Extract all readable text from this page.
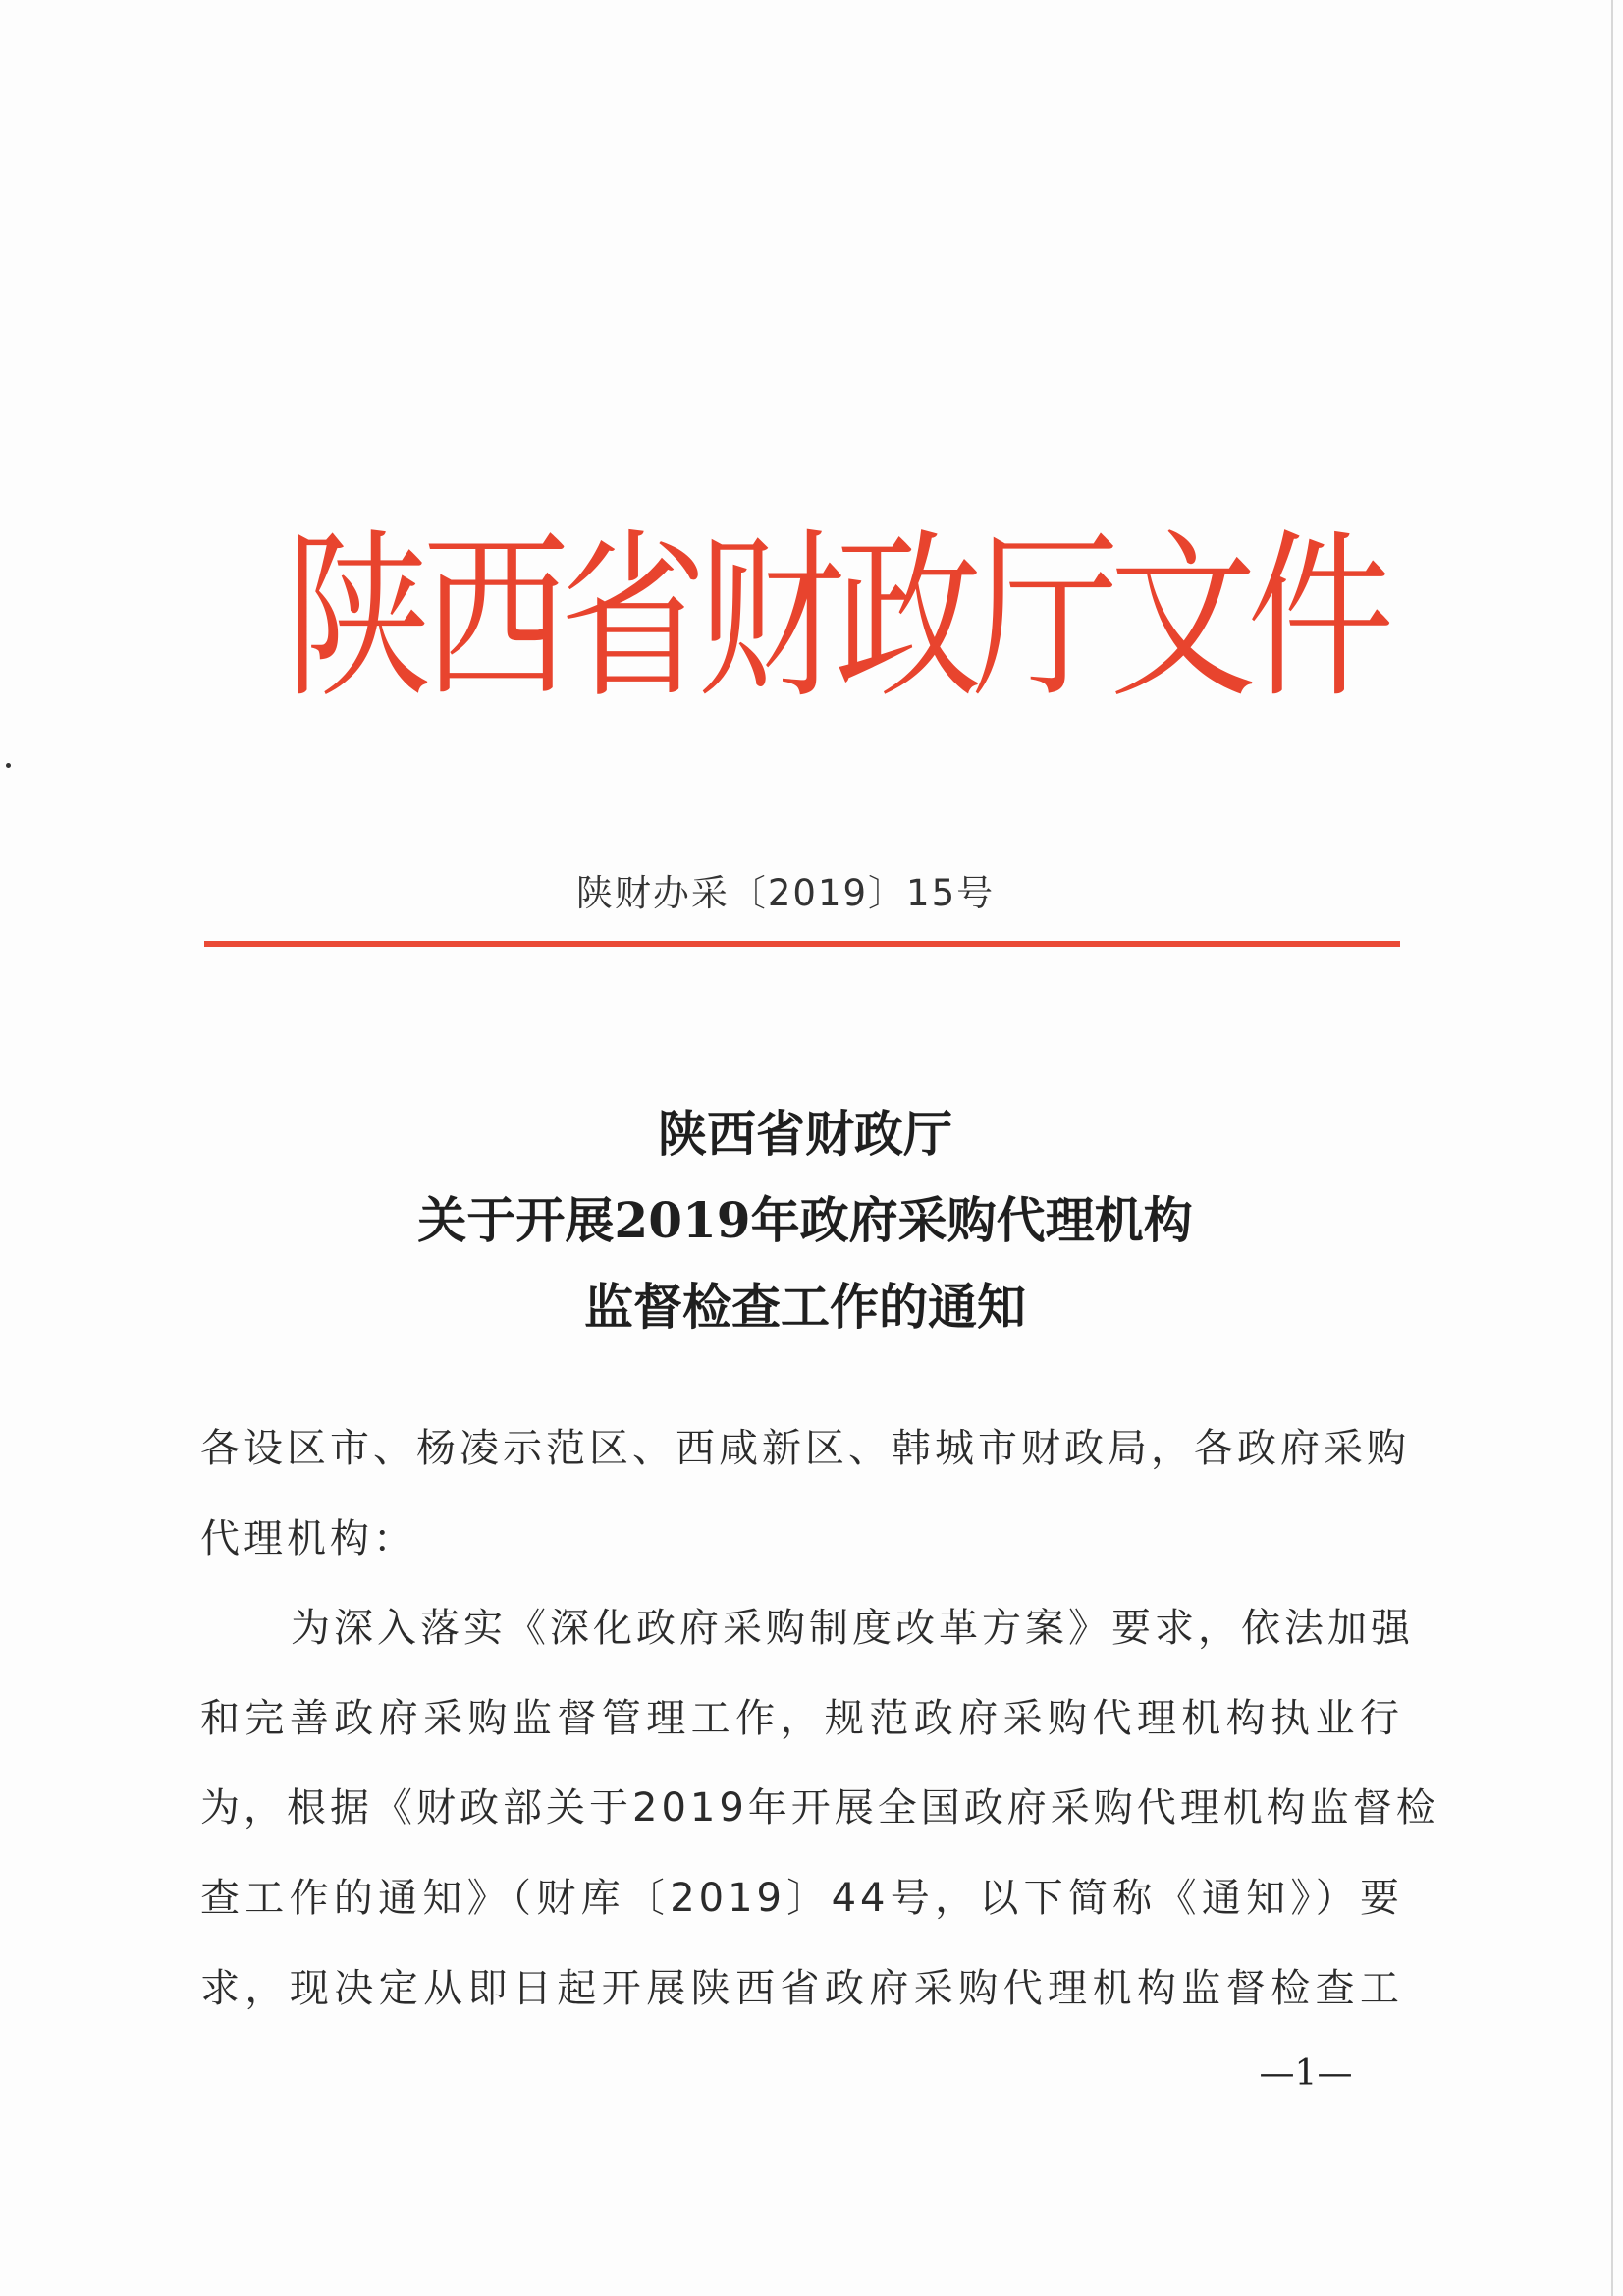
陕西省财政厅文件
陕财办采〔2019〕15号
陕西省财政厅
关于开展2019年政府采购代理机构
监督检查工作的通知
各设区市、杨凌示范区、西咸新区、韩城市财政局，各政府采购
代理机构：
为深入落实《深化政府采购制度改革方案》要求，依法加强
和完善政府采购监督管理工作，规范政府采购代理机构执业行
为，根据《财政部关于2019年开展全国政府采购代理机构监督检
查工作的通知》（财库〔2019〕44号，以下简称《通知》）要
求，现决定从即日起开展陕西省政府采购代理机构监督检查工
—1—
